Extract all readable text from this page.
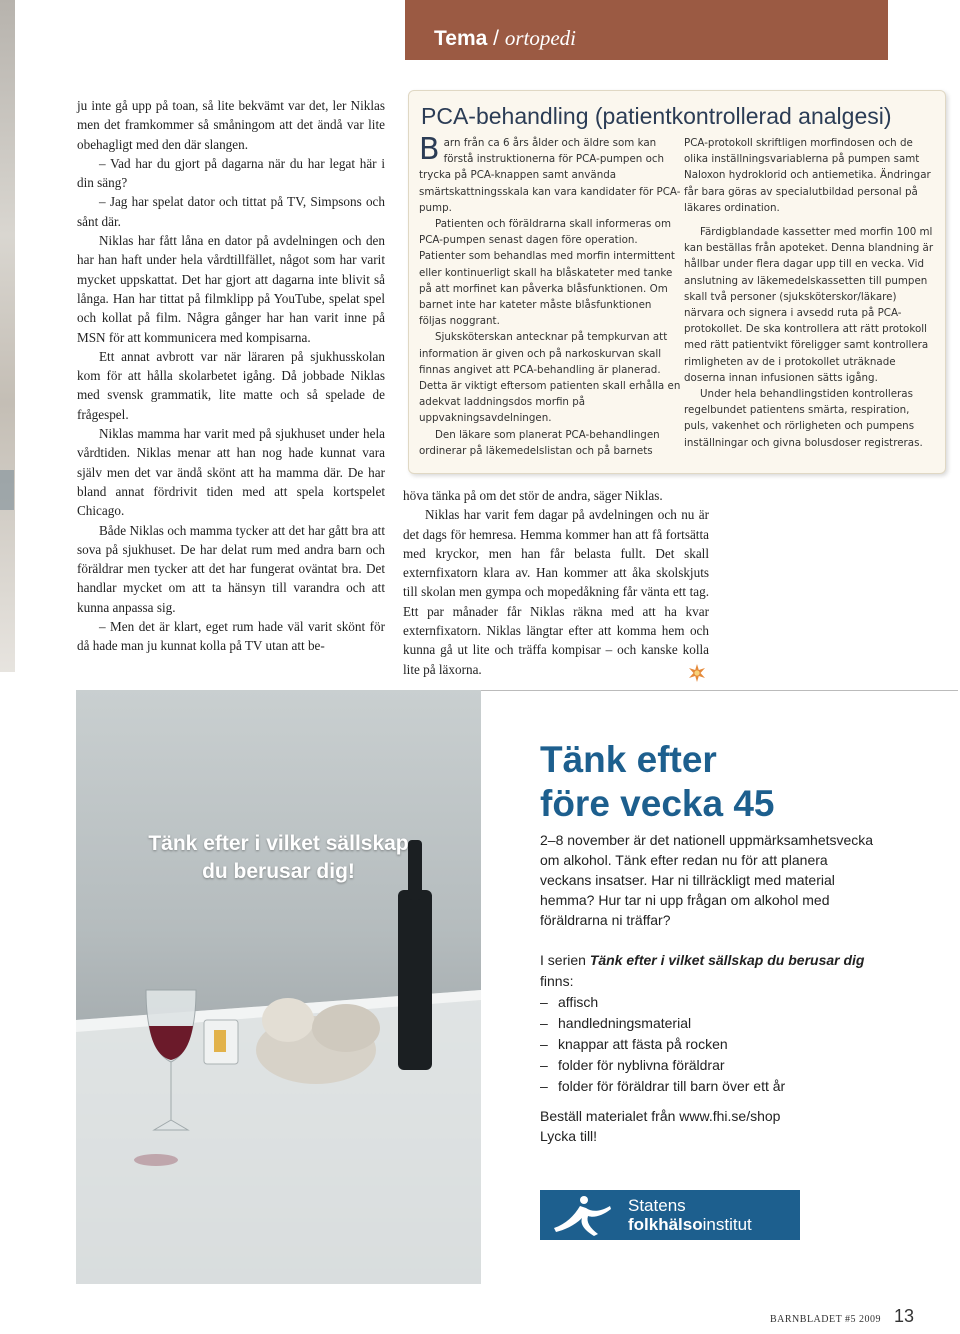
Tema / ortopedi

ju inte gå upp på toan, så lite bekvämt var det, ler Niklas men det framkommer så småningom att det ändå var lite obehagligt med den där slangen.

– Vad har du gjort på dagarna när du har legat här i din säng?

– Jag har spelat dator och tittat på TV, Simpsons och sånt där.

Niklas har fått låna en dator på avdelningen och den har han haft under hela vårdtillfället, något som har varit mycket uppskattat. Det har gjort att dagarna inte blivit så långa. Han har tittat på filmklipp på YouTube, spelat spel och kollat på film. Några gånger har han varit inne på MSN för att kommunicera med kompisarna.

Ett annat avbrott var när läraren på sjukhusskolan kom för att hålla skolarbetet igång. Då jobbade Niklas med svensk grammatik, lite matte och så spelade de frågespel.

Niklas mamma har varit med på sjukhuset under hela vårdtiden. Niklas menar att han nog hade kunnat vara själv men det var ändå skönt att ha mamma där. De har bland annat fördrivit tiden med att spela kortspelet Chicago.

Både Niklas och mamma tycker att det har gått bra att sova på sjukhuset. De har delat rum med andra barn och föräldrar men tycker att det har fungerat oväntat bra. Det handlar mycket om att ta hänsyn till varandra och att kunna anpassa sig.

– Men det är klart, eget rum hade väl varit skönt för då hade man ju kunnat kolla på TV utan att be-

PCA-behandling (patientkontrollerad analgesi)

Barn från ca 6 års ålder och äldre som kan förstå instruktionerna för PCA-pumpen och trycka på PCA-knappen samt använda smärtskattningsskala kan vara kandidater för PCA-pump.

Patienten och föräldrarna skall informeras om PCA-pumpen senast dagen före operation. Patienter som behandlas med morfin intermittent eller kontinuerligt skall ha blåskateter med tanke på att morfinet kan påverka blåsfunktionen. Om barnet inte har kateter måste blåsfunktionen följas noggrant.

Sjuksköterskan antecknar på tempkurvan att information är given och på narkoskurvan skall finnas angivet att PCA-behandling är planerad. Detta är viktigt eftersom patienten skall erhålla en adekvat laddningsdos morfin på uppvakningsavdelningen.

Den läkare som planerat PCA-behandlingen ordinerar på läkemedelslistan och på barnets

PCA-protokoll skriftligen morfindosen och de olika inställningsvariablerna på pumpen samt Naloxon hydroklorid och antiemetika. Ändringar får bara göras av specialutbildad personal på läkares ordination.

Färdigblandade kassetter med morfin 100 ml kan beställas från apoteket. Denna blandning är hållbar under flera dagar upp till en vecka. Vid anslutning av läkemedelskassetten till pumpen skall två personer (sjuksköterskor/läkare) närvara och signera i avsedd ruta på PCA-protokollet. De ska kontrollera att rätt protokoll med rätt patientvikt föreligger samt kontrollera rimligheten av de i protokollet uträknade doserna innan infusionen sätts igång.

Under hela behandlingstiden kontrolleras regelbundet patientens smärta, respiration, puls, vakenhet och rörligheten och pumpens inställningar och givna bolusdoser registreras.

höva tänka på om det stör de andra, säger Niklas.

Niklas har varit fem dagar på avdelningen och nu är det dags för hemresa. Hemma kommer han att få fortsätta med kryckor, men han får belasta fullt. Det skall externfixatorn klara av. Han kommer att åka skolskjuts till skolan men gympa och mopedåkning får vänta ett tag. Ett par månader får Niklas räkna med att ha kvar externfixatorn. Niklas längtar efter att komma hem och kunna gå ut lite och träffa kompisar – och kanske kolla lite på läxorna.

Tänk efter i vilket sällskap
du berusar dig!
Tänk efter
före vecka 45

2–8 november är det nationell uppmärksamhetsvecka om alkohol. Tänk efter redan nu för att planera veckans insatser. Har ni tillräckligt med material hemma? Hur tar ni upp frågan om alkohol med föräldrarna ni träffar?

I serien Tänk efter i vilket sällskap du berusar dig finns:

– affisch
– handledningsmaterial
– knappar att fästa på rocken
– folder för nyblivna föräldrar
– folder för föräldrar till barn över ett år

Beställ materialet från www.fhi.se/shop

Lycka till!

Statens
folkhälsoinstitut
BARNBLADET #5 2009 13
